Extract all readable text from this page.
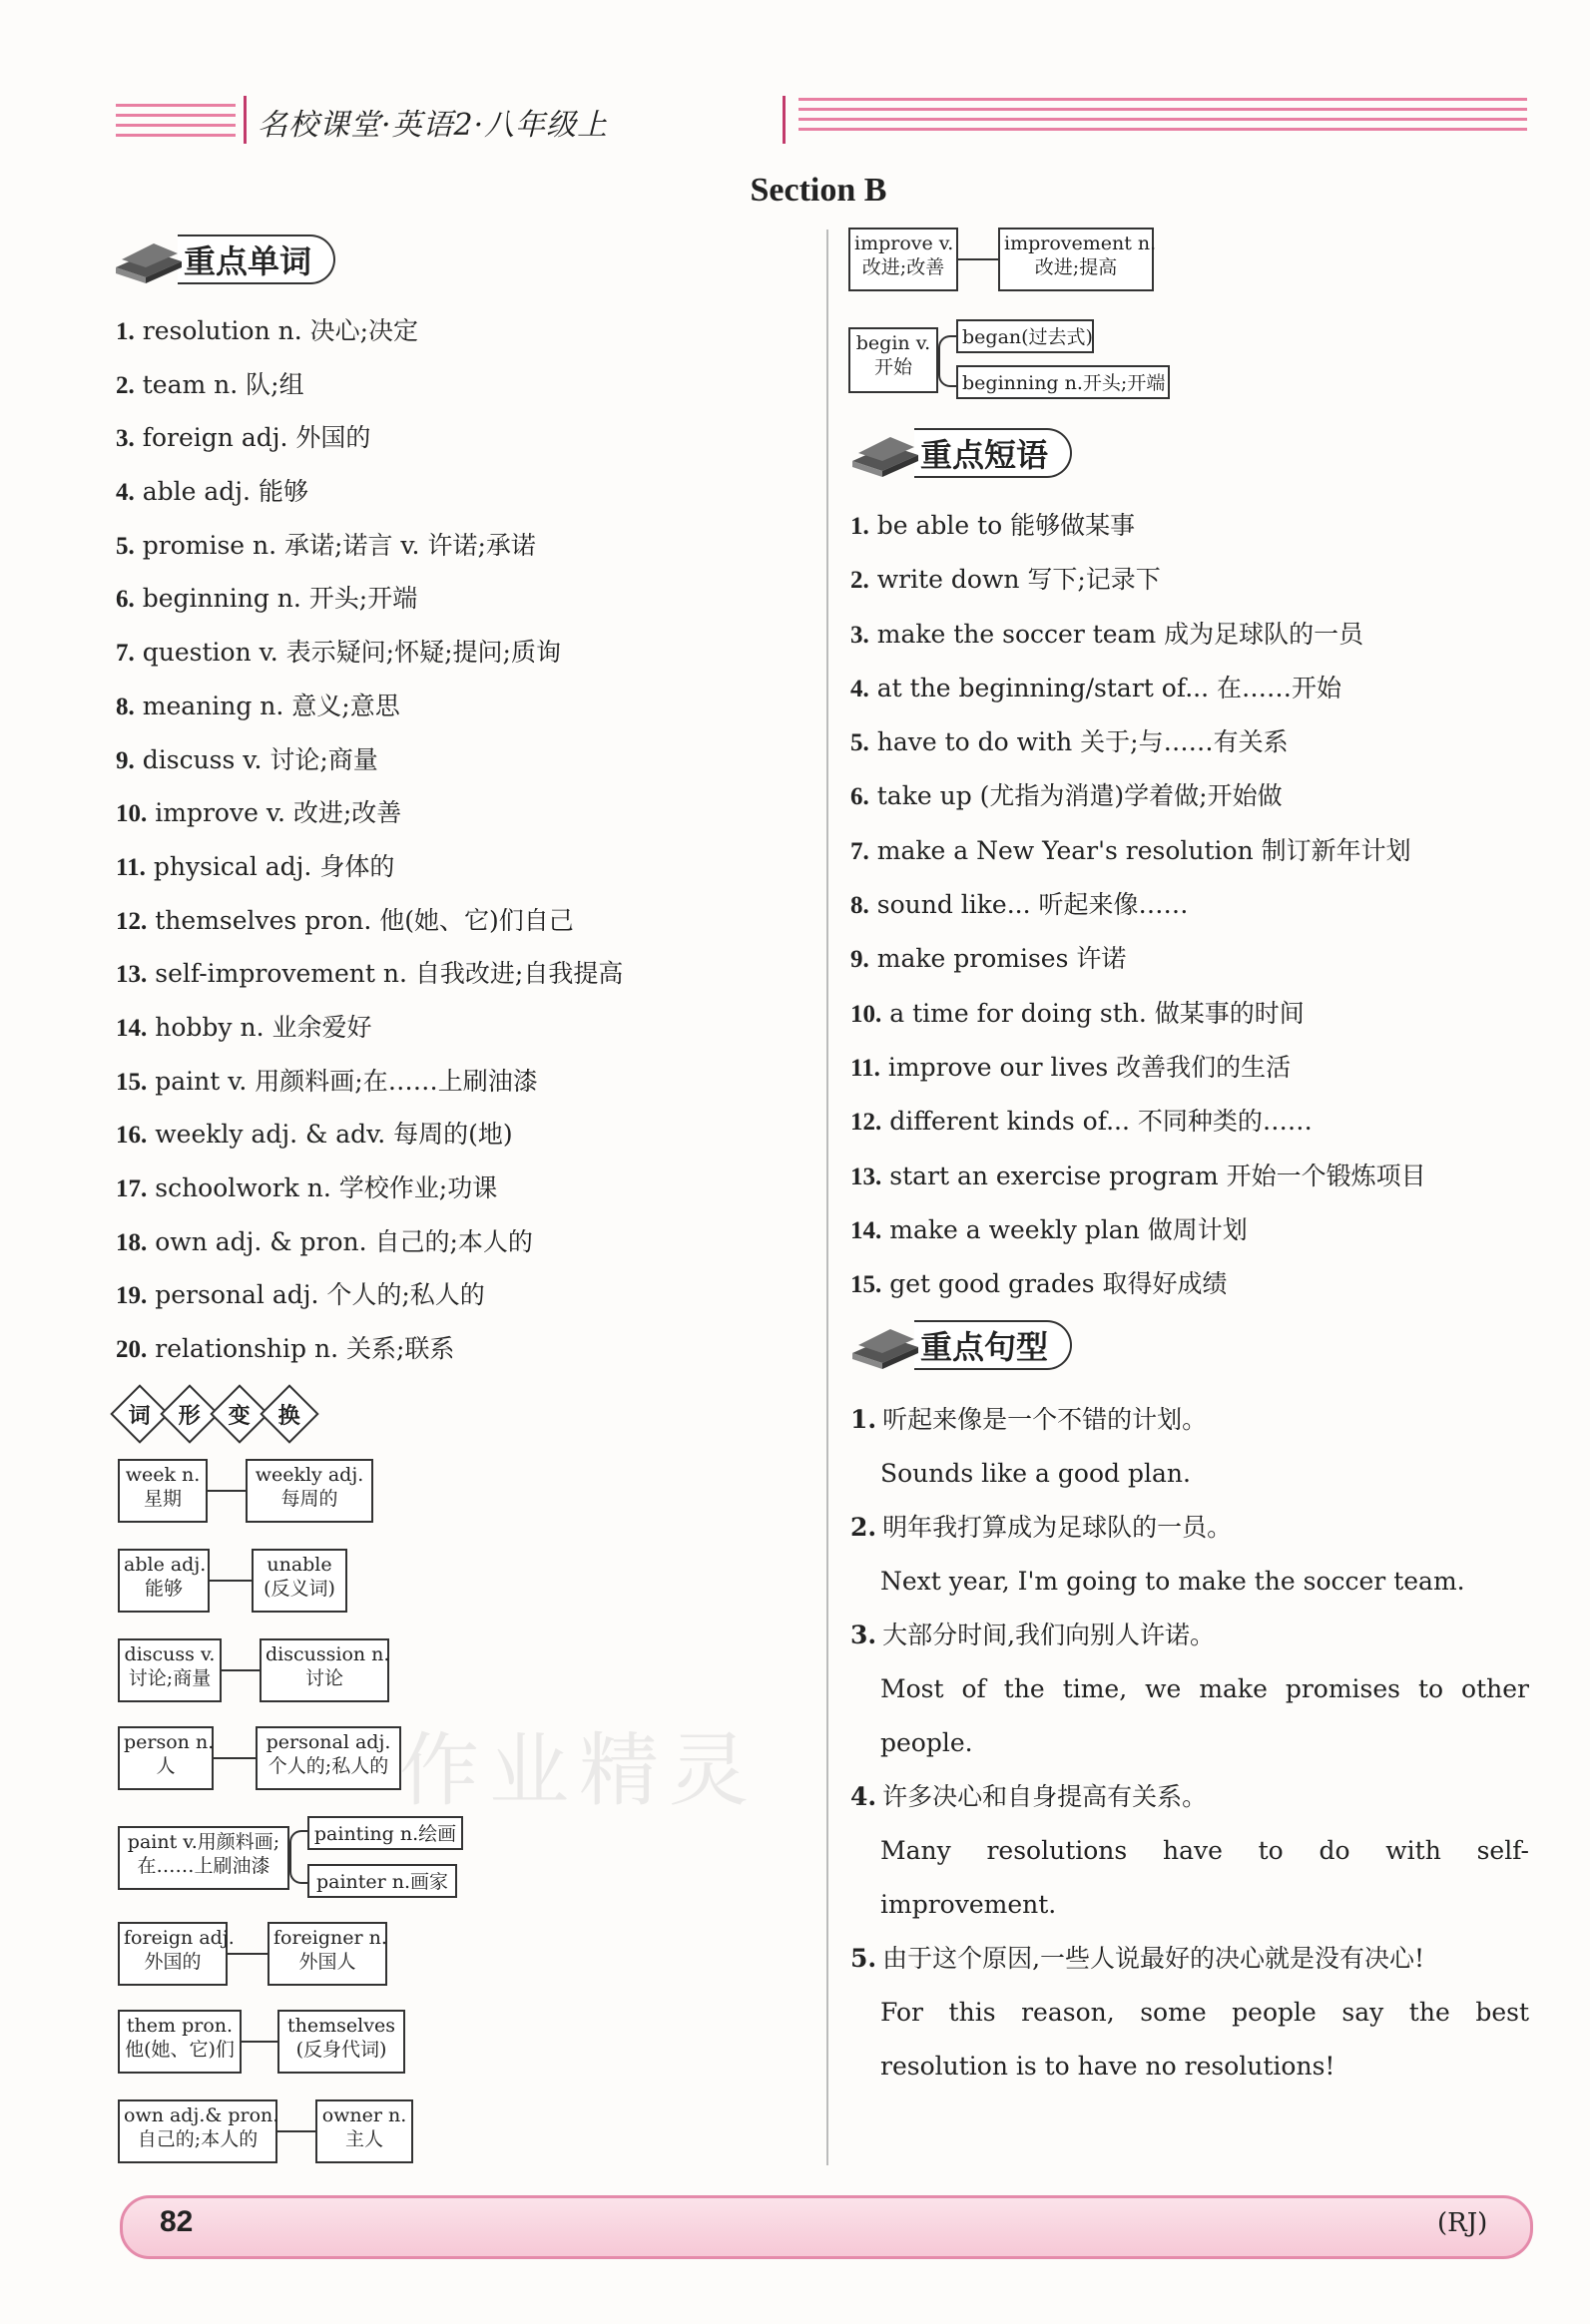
名校课堂·英语2·八年级上
Section B
重点单词
1. resolution n. 决心;决定
2. team n. 队;组
3. foreign adj. 外国的
4. able adj. 能够
5. promise n. 承诺;诺言 v. 许诺;承诺
6. beginning n. 开头;开端
7. question v. 表示疑问;怀疑;提问;质询
8. meaning n. 意义;意思
9. discuss v. 讨论;商量
10. improve v. 改进;改善
11. physical adj. 身体的
12. themselves pron. 他(她、它)们自己
13. self-improvement n. 自我改进;自我提高
14. hobby n. 业余爱好
15. paint v. 用颜料画;在……上刷油漆
16. weekly adj. & adv. 每周的(地)
17. schoolwork n. 学校作业;功课
18. own adj. & pron. 自己的;本人的
19. personal adj. 个人的;私人的
20. relationship n. 关系;联系
词 形 变 换
week n.
星期
weekly adj.
每周的
able adj.
能够
unable
(反义词)
discuss v.
讨论;商量
discussion n.
讨论
person n.
人
personal adj.
个人的;私人的
paint v.用颜料画;
在……上刷油漆
painting n.绘画
painter n.画家
foreign adj.
外国的
foreigner n.
外国人
them pron.
他(她、它)们
themselves
(反身代词)
own adj.& pron.
自己的;本人的
owner n.
主人
improve v.
改进;改善
improvement n.
改进;提高
begin v.
开始
began(过去式)
beginning n.开头;开端
重点短语
1. be able to 能够做某事
2. write down 写下;记录下
3. make the soccer team 成为足球队的一员
4. at the beginning/start of... 在……开始
5. have to do with 关于;与……有关系
6. take up (尤指为消遣)学着做;开始做
7. make a New Year's resolution 制订新年计划
8. sound like... 听起来像……
9. make promises 许诺
10. a time for doing sth. 做某事的时间
11. improve our lives 改善我们的生活
12. different kinds of... 不同种类的……
13. start an exercise program 开始一个锻炼项目
14. make a weekly plan 做周计划
15. get good grades 取得好成绩
重点句型
1. 听起来像是一个不错的计划。
Sounds like a good plan.
2. 明年我打算成为足球队的一员。
Next year, I'm going to make the soccer team.
3. 大部分时间,我们向别人许诺。
Most of the time, we make promises to other people.
4. 许多决心和自身提高有关系。
Many resolutions have to do with self-improvement.
5. 由于这个原因,一些人说最好的决心就是没有决心!
For this reason, some people say the best resolution is to have no resolutions!
作业精灵
82	(RJ)
